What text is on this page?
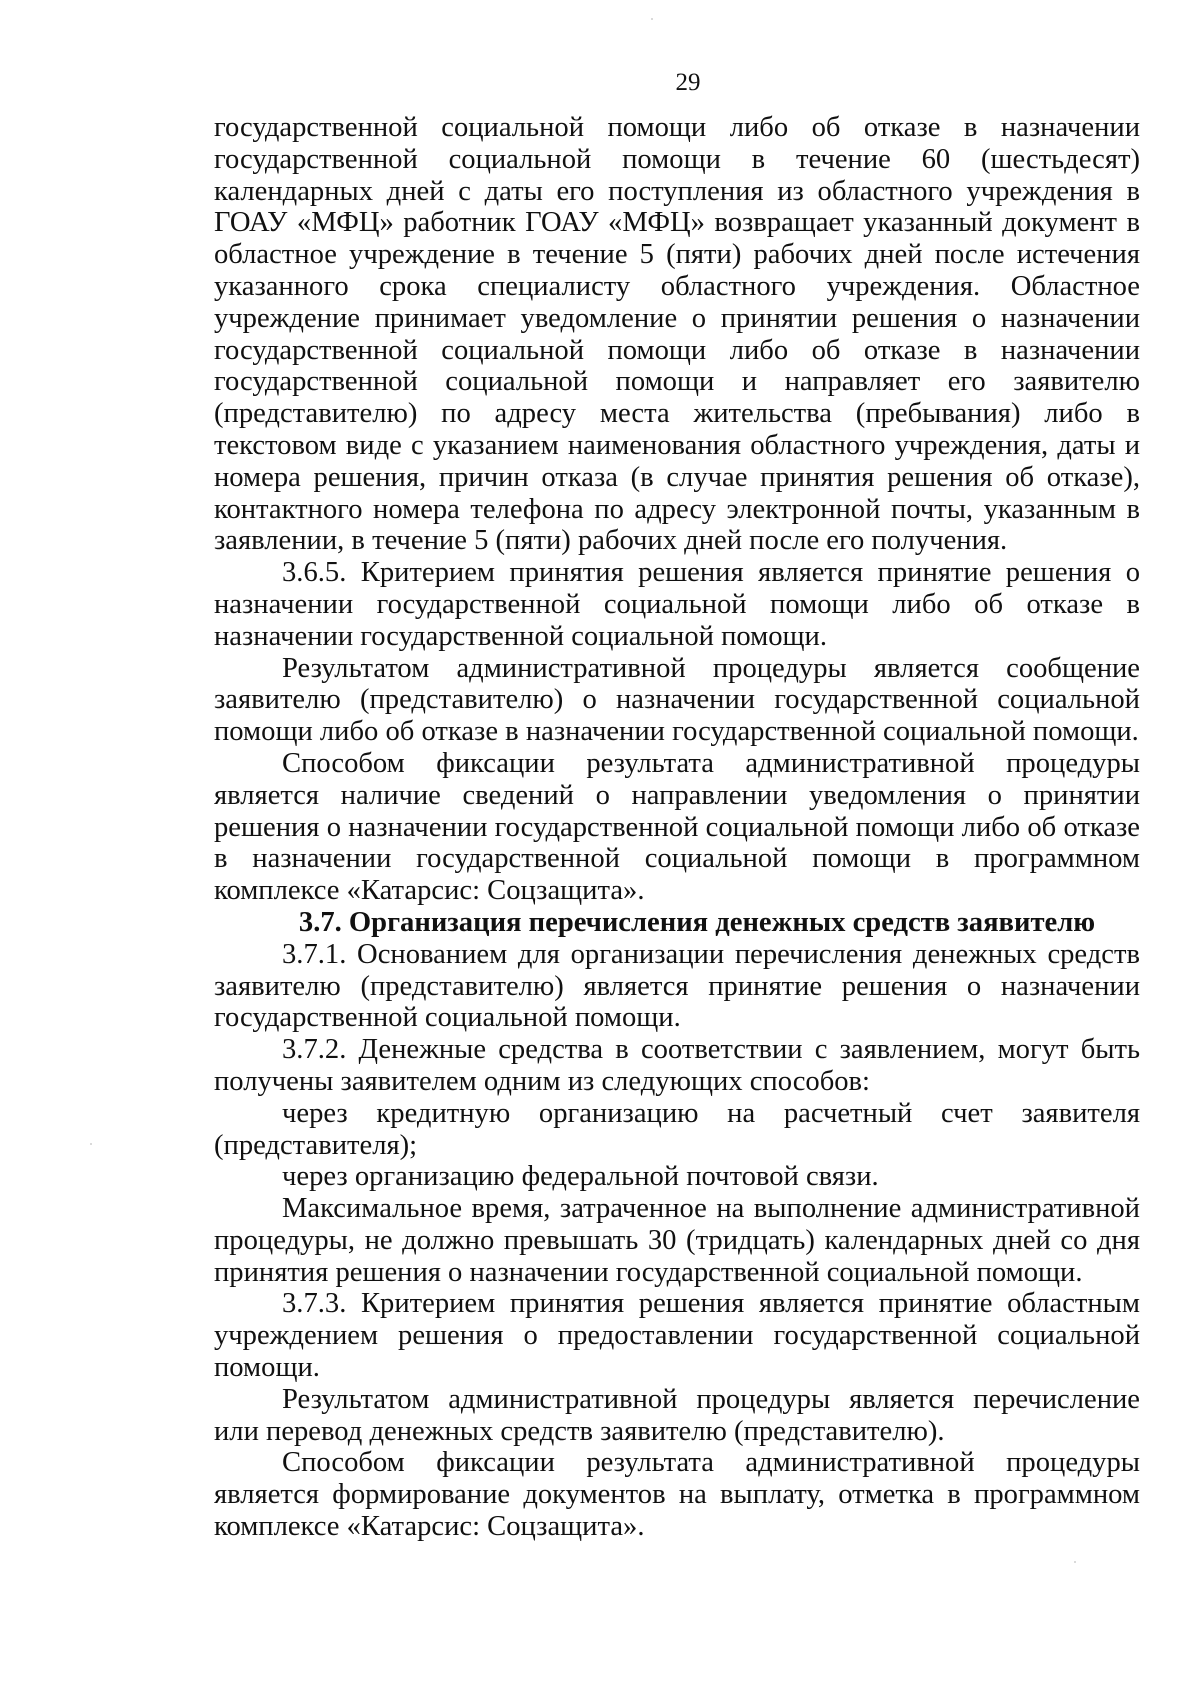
29

государственной социальной помощи либо об отказе в назначении государственной социальной помощи в течение 60 (шестьдесят) календарных дней с даты его поступления из областного учреждения в ГОАУ «МФЦ» работник ГОАУ «МФЦ» возвращает указанный документ в областное учреждение в течение 5 (пяти) рабочих дней после истечения указанного срока специалисту областного учреждения. Областное учреждение принимает уведомление о принятии решения о назначении государственной социальной помощи либо об отказе в назначении государственной социальной помощи и направляет его заявителю (представителю) по адресу места жительства (пребывания) либо в текстовом виде с указанием наименования областного учреждения, даты и номера решения, причин отказа (в случае принятия решения об отказе), контактного номера телефона по адресу электронной почты, указанным в заявлении, в течение 5 (пяти) рабочих дней после его получения.

3.6.5. Критерием принятия решения является принятие решения о назначении государственной социальной помощи либо об отказе в назначении государственной социальной помощи.

Результатом административной процедуры является сообщение заявителю (представителю) о назначении государственной социальной помощи либо об отказе в назначении государственной социальной помощи.

Способом фиксации результата административной процедуры является наличие сведений о направлении уведомления о принятии решения о назначении государственной социальной помощи либо об отказе в назначении государственной социальной помощи в программном комплексе «Катарсис: Соцзащита».

3.7. Организация перечисления денежных средств заявителю

3.7.1. Основанием для организации перечисления денежных средств заявителю (представителю) является принятие решения о назначении государственной социальной помощи.

3.7.2. Денежные средства в соответствии с заявлением, могут быть получены заявителем одним из следующих способов:

через кредитную организацию на расчетный счет заявителя (представителя);

через организацию федеральной почтовой связи.

Максимальное время, затраченное на выполнение административной процедуры, не должно превышать 30 (тридцать) календарных дней со дня принятия решения о назначении государственной социальной помощи.

3.7.3. Критерием принятия решения является принятие областным учреждением решения о предоставлении государственной социальной помощи.

Результатом административной процедуры является перечисление или перевод денежных средств заявителю (представителю).

Способом фиксации результата административной процедуры является формирование документов на выплату, отметка в программном комплексе «Катарсис: Соцзащита».
